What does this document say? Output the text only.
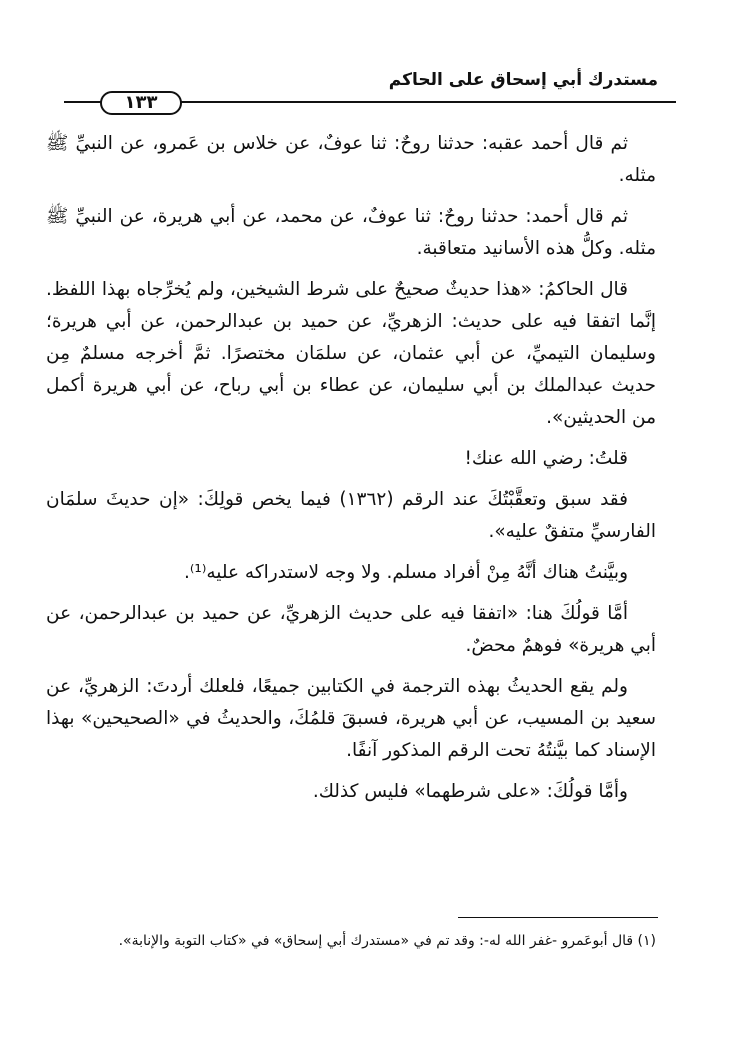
مستدرك أبي إسحاق على الحاكم
١٣٣

ثم قال أحمد عقبه: حدثنا روحٌ: ثنا عوفٌ، عن خلاس بن عَمرو، عن النبيِّ ﷺ مثله.

ثم قال أحمد: حدثنا روحٌ: ثنا عوفٌ، عن محمد، عن أبي هريرة، عن النبيِّ ﷺ مثله. وكلُّ هذه الأسانيد متعاقبة.

قال الحاكمُ: «هذا حديثٌ صحيحٌ على شرط الشيخين، ولم يُخرِّجاه بهذا اللفظ. إنَّما اتفقا فيه على حديث: الزهريِّ، عن حميد بن عبدالرحمن، عن أبي هريرة؛ وسليمان التيميِّ، عن أبي عثمان، عن سلمَان مختصرًا. ثمَّ أخرجه مسلمٌ مِن حديث عبدالملك بن أبي سليمان، عن عطاء بن أبي رباح، عن أبي هريرة أكمل من الحديثين».

قلتُ: رضي الله عنك!

فقد سبق وتعقَّبْتُكَ عند الرقم (١٣٦٢) فيما يخص قولِكَ: «إن حديثَ سلمَان الفارسيِّ متفقٌ عليه».

وبيَّنتُ هناك أنَّهُ مِنْ أفراد مسلم. ولا وجه لاستدراكه عليه⁽¹⁾.

أمَّا قولُكَ هنا: «اتفقا فيه على حديث الزهريِّ، عن حميد بن عبدالرحمن، عن أبي هريرة» فوهمٌ محضٌ.

ولم يقع الحديثُ بهذه الترجمة في الكتابين جميعًا، فلعلك أردتَ: الزهريِّ، عن سعيد بن المسيب، عن أبي هريرة، فسبقَ قلمُكَ، والحديثُ في «الصحيحين» بهذا الإسناد كما بيَّنتُهُ تحت الرقم المذكور آنفًا.

وأمَّا قولُكَ: «على شرطهما» فليس كذلك.

(١) قال أبوعَمرو -غفر الله له-: وقد تم في «مستدرك أبي إسحاق» في «كتاب التوبة والإنابة».
